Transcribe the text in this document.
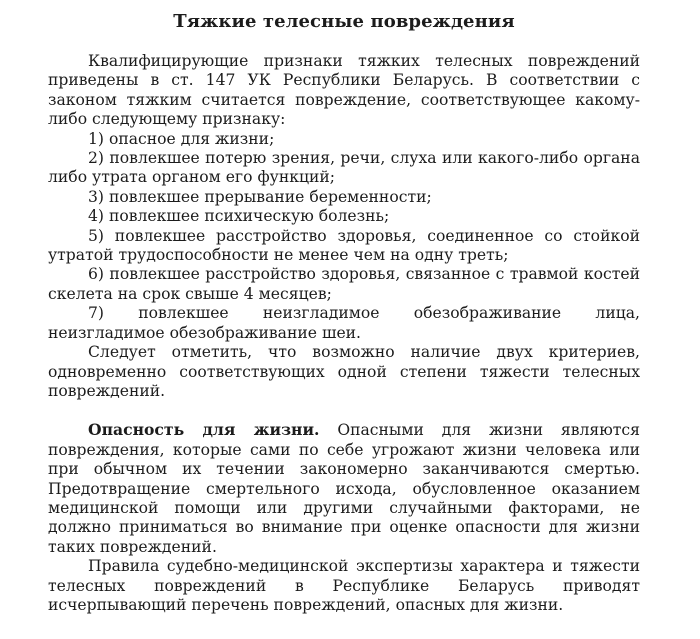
Тяжкие телесные повреждения

Квалифицирующие признаки тяжких телесных повреждений приведены в ст. 147 УК Республики Беларусь. В соответствии с законом тяжким считается повреждение, соответствующее какому-либо следующему признаку:

1) опасное для жизни;

2) повлекшее потерю зрения, речи, слуха или какого-либо органа либо утрата органом его функций;

3) повлекшее прерывание беременности;

4) повлекшее психическую болезнь;

5) повлекшее расстройство здоровья, соединенное со стойкой утратой трудоспособности не менее чем на одну треть;

6) повлекшее расстройство здоровья, связанное с травмой костей скелета на срок свыше 4 месяцев;

7) повлекшее неизгладимое обезображивание лица, неизгладимое обезображивание шеи.

Следует отметить, что возможно наличие двух критериев, одновременно соответствующих одной степени тяжести телесных повреждений.

Опасность для жизни. Опасными для жизни являются повреждения, которые сами по себе угрожают жизни человека или при обычном их течении закономерно заканчиваются смертью. Предотвращение смертельного исхода, обусловленное оказанием медицинской помощи или другими случайными факторами, не должно приниматься во внимание при оценке опасности для жизни таких повреждений.

Правила судебно-медицинской экспертизы характера и тяжести телесных повреждений в Республике Беларусь приводят исчерпывающий перечень повреждений, опасных для жизни.
